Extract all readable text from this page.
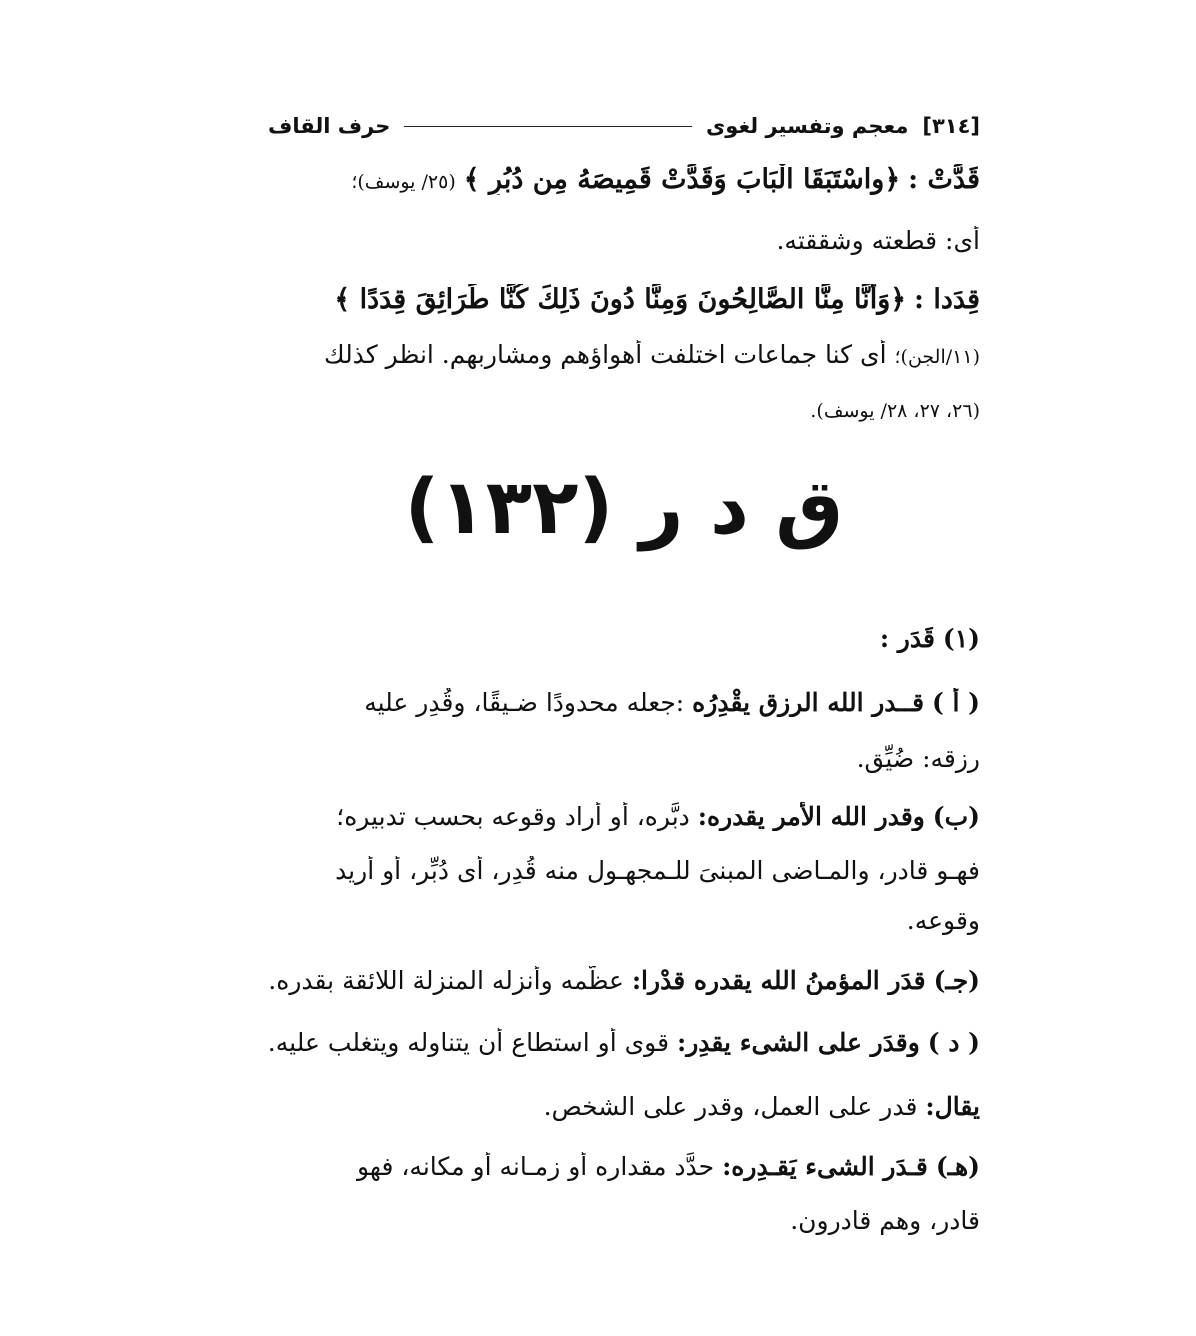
[٣١٤]
معجم وتفسير لغوى
حرف القاف
قَدَّتْ : ﴿واسْتَبَقَا الْبَابَ وَقَدَّتْ قَمِيصَهُ مِن دُبُرٍ ﴾ (٢٥/ يوسف)؛
أى: قطعته وشققته.
قِدَدا : ﴿وَأَنَّا مِنَّا الصَّالِحُونَ وَمِنَّا دُونَ ذَلِكَ كُنَّا طَرَائِقَ قِدَدًا ﴾
(١١/الجن)؛ أى كنا جماعات اختلفت أهواؤهم ومشاربهم. انظر كذلك
(٢٦، ٢٧، ٢٨/ يوسف).
ق د ر (١٣٢)
(١) قَدَر :
( أ ) قــدر الله الرزق يقْدِرُه :جعله محدودًا ضـيقًا، وقُدِر عليه
رزقه: ضُيِّق.
(ب) وقدر الله الأمر يقدره: دبَّره، أو أراد وقوعه بحسب تدبيره؛
فهـو قادر، والمـاضى المبنىَ للـمجهـول منه قُدِر، أى دُبِّر، أو أريد
وقوعه.
(جـ) قدَر المؤمنُ الله يقدره قدْرا: عظَّمه وأنزله المنزلة اللائقة بقدره.
( د ) وقدَر على الشىء يقدِر: قوى أو استطاع أن يتناوله ويتغلب عليه.
يقال: قدر على العمل، وقدر على الشخص.
(هـ) قـدَر الشىء يَقـدِره: حدَّد مقداره أو زمـانه أو مكانه، فهو
قادر، وهم قادرون.
